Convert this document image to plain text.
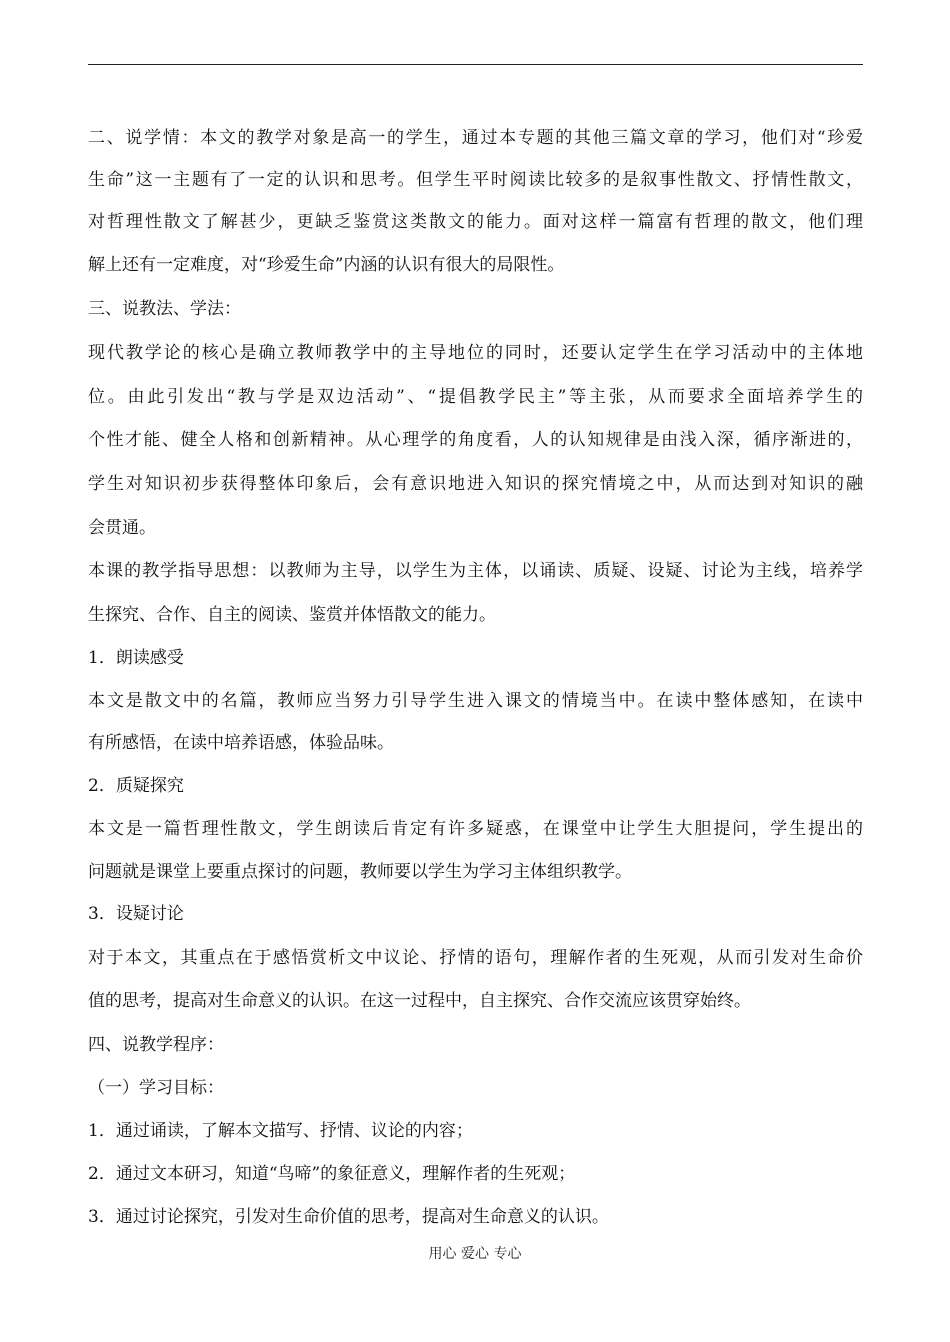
二、说学情：本文的教学对象是高一的学生，通过本专题的其他三篇文章的学习，他们对“珍爱
生命”这一主题有了一定的认识和思考。但学生平时阅读比较多的是叙事性散文、抒情性散文，
对哲理性散文了解甚少，更缺乏鉴赏这类散文的能力。面对这样一篇富有哲理的散文，他们理
解上还有一定难度，对“珍爱生命”内涵的认识有很大的局限性。
三、说教法、学法：
现代教学论的核心是确立教师教学中的主导地位的同时，还要认定学生在学习活动中的主体地
位。由此引发出“教与学是双边活动”、“提倡教学民主”等主张，从而要求全面培养学生的
个性才能、健全人格和创新精神。从心理学的角度看，人的认知规律是由浅入深，循序渐进的，
学生对知识初步获得整体印象后，会有意识地进入知识的探究情境之中，从而达到对知识的融
会贯通。
本课的教学指导思想：以教师为主导，以学生为主体，以诵读、质疑、设疑、讨论为主线，培养学
生探究、合作、自主的阅读、鉴赏并体悟散文的能力。
1．朗读感受
本文是散文中的名篇，教师应当努力引导学生进入课文的情境当中。在读中整体感知，在读中
有所感悟，在读中培养语感，体验品味。
2．质疑探究
本文是一篇哲理性散文，学生朗读后肯定有许多疑惑，在课堂中让学生大胆提问，学生提出的
问题就是课堂上要重点探讨的问题，教师要以学生为学习主体组织教学。
3．设疑讨论
对于本文，其重点在于感悟赏析文中议论、抒情的语句，理解作者的生死观，从而引发对生命价
值的思考，提高对生命意义的认识。在这一过程中，自主探究、合作交流应该贯穿始终。
四、说教学程序：
（一）学习目标：
1．通过诵读，了解本文描写、抒情、议论的内容；
2．通过文本研习，知道“鸟啼”的象征意义，理解作者的生死观；
3．通过讨论探究，引发对生命价值的思考，提高对生命意义的认识。
用心 爱心 专心
